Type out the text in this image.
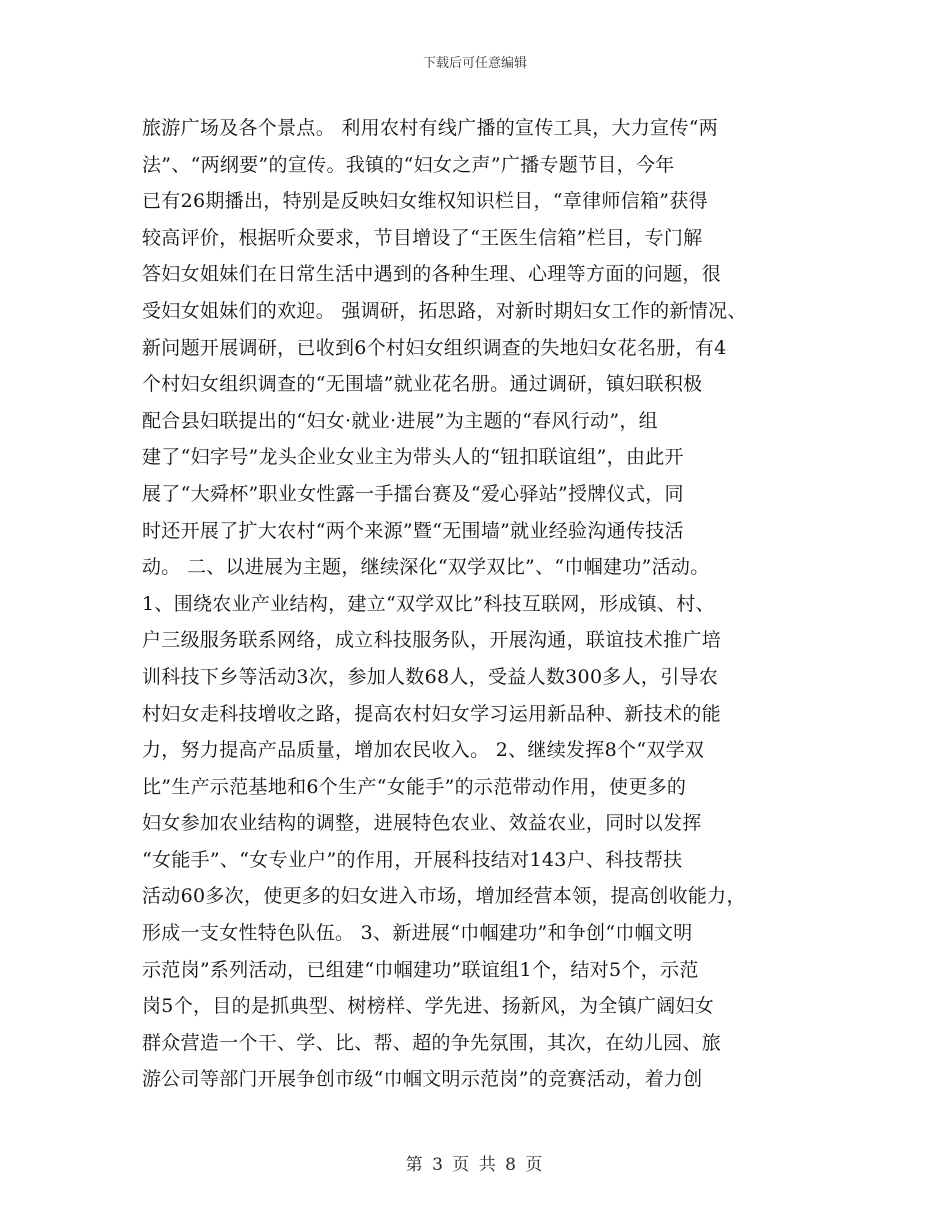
下载后可任意编辑
旅游广场及各个景点。 利用农村有线广播的宣传工具，大力宣传“两
法”、“两纲要”的宣传。我镇的“妇女之声”广播专题节目，今年
已有26期播出，特别是反映妇女维权知识栏目，“章律师信箱”获得
较高评价，根据听众要求，节目增设了“王医生信箱”栏目，专门解
答妇女姐妹们在日常生活中遇到的各种生理、心理等方面的问题，很
受妇女姐妹们的欢迎。 强调研，拓思路，对新时期妇女工作的新情况、
新问题开展调研，已收到6个村妇女组织调查的失地妇女花名册，有4
个村妇女组织调查的“无围墙”就业花名册。通过调研，镇妇联积极
配合县妇联提出的“妇女·就业·进展”为主题的“春风行动”，组
建了“妇字号”龙头企业女业主为带头人的“钮扣联谊组”，由此开
展了“大舜杯”职业女性露一手擂台赛及“爱心驿站”授牌仪式，同
时还开展了扩大农村“两个来源”暨“无围墙”就业经验沟通传技活
动。 二、以进展为主题，继续深化“双学双比”、“巾帼建功”活动。
1、围绕农业产业结构，建立“双学双比”科技互联网，形成镇、村、
户三级服务联系网络，成立科技服务队，开展沟通，联谊技术推广培
训科技下乡等活动3次，参加人数68人，受益人数300多人，引导农
村妇女走科技增收之路，提高农村妇女学习运用新品种、新技术的能
力，努力提高产品质量，增加农民收入。 2、继续发挥8个“双学双
比”生产示范基地和6个生产“女能手”的示范带动作用，使更多的
妇女参加农业结构的调整，进展特色农业、效益农业，同时以发挥
“女能手”、“女专业户”的作用，开展科技结对143户、科技帮扶
活动60多次，使更多的妇女进入市场，增加经营本领，提高创收能力，
形成一支女性特色队伍。 3、新进展“巾帼建功”和争创“巾帼文明
示范岗”系列活动，已组建“巾帼建功”联谊组1个，结对5个，示范
岗5个，目的是抓典型、树榜样、学先进、扬新风，为全镇广阔妇女
群众营造一个干、学、比、帮、超的争先氛围，其次，在幼儿园、旅
游公司等部门开展争创市级“巾帼文明示范岗”的竞赛活动，着力创
第 3 页 共 8 页
